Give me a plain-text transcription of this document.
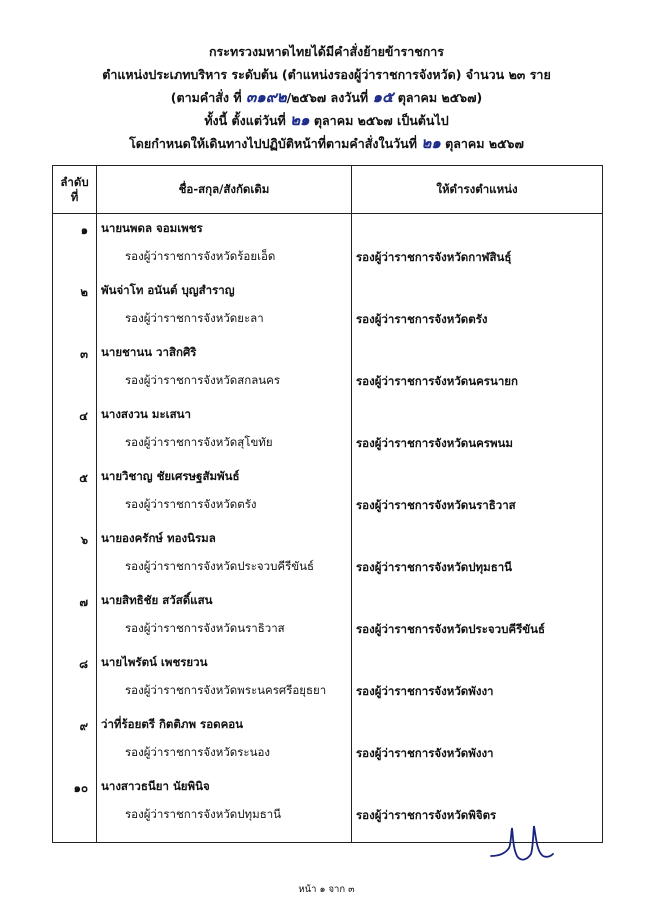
กระทรวงมหาดไทยได้มีคำสั่งย้ายข้าราชการ
ตำแหน่งประเภทบริหาร ระดับต้น (ตำแหน่งรองผู้ว่าราชการจังหวัด) จำนวน ๒๓ ราย
(ตามคำสั่ง ที่ ๓๑๙๒/๒๕๖๗ ลงวันที่ ๑๕ ตุลาคม ๒๕๖๗)
ทั้งนี้ ตั้งแต่วันที่ ๒๑ ตุลาคม ๒๕๖๗ เป็นต้นไป
โดยกำหนดให้เดินทางไปปฏิบัติหน้าที่ตามคำสั่งในวันที่ ๒๑ ตุลาคม ๒๕๖๗
ลำดับ
ที่	ชื่อ-สกุล/สังกัดเดิม	ให้ดำรงตำแหน่ง

๑	นายนพดล จอมเพชร
รองผู้ว่าราชการจังหวัดร้อยเอ็ด	รองผู้ว่าราชการจังหวัดกาฬสินธุ์

๒	พันจ่าโท อนันต์ บุญสำราญ
รองผู้ว่าราชการจังหวัดยะลา	รองผู้ว่าราชการจังหวัดตรัง

๓	นายชานน วาสิกศิริ
รองผู้ว่าราชการจังหวัดสกลนคร	รองผู้ว่าราชการจังหวัดนครนายก

๔	นางสงวน มะเสนา
รองผู้ว่าราชการจังหวัดสุโขทัย	รองผู้ว่าราชการจังหวัดนครพนม

๕	นายวิชาญ ชัยเศรษฐสัมพันธ์
รองผู้ว่าราชการจังหวัดตรัง	รองผู้ว่าราชการจังหวัดนราธิวาส

๖	นายองครักษ์ ทองนิรมล
รองผู้ว่าราชการจังหวัดประจวบคีรีขันธ์	รองผู้ว่าราชการจังหวัดปทุมธานี

๗	นายสิทธิชัย สวัสดิ์แสน
รองผู้ว่าราชการจังหวัดนราธิวาส	รองผู้ว่าราชการจังหวัดประจวบคีรีขันธ์

๘	นายไพรัตน์ เพชรยวน
รองผู้ว่าราชการจังหวัดพระนครศรีอยุธยา	รองผู้ว่าราชการจังหวัดพังงา

๙	ว่าที่ร้อยตรี กิตติภพ รอดคอน
รองผู้ว่าราชการจังหวัดระนอง	รองผู้ว่าราชการจังหวัดพังงา

๑๐	นางสาวธนียา นัยพินิจ
รองผู้ว่าราชการจังหวัดปทุมธานี	รองผู้ว่าราชการจังหวัดพิจิตร
หน้า ๑ จาก ๓
